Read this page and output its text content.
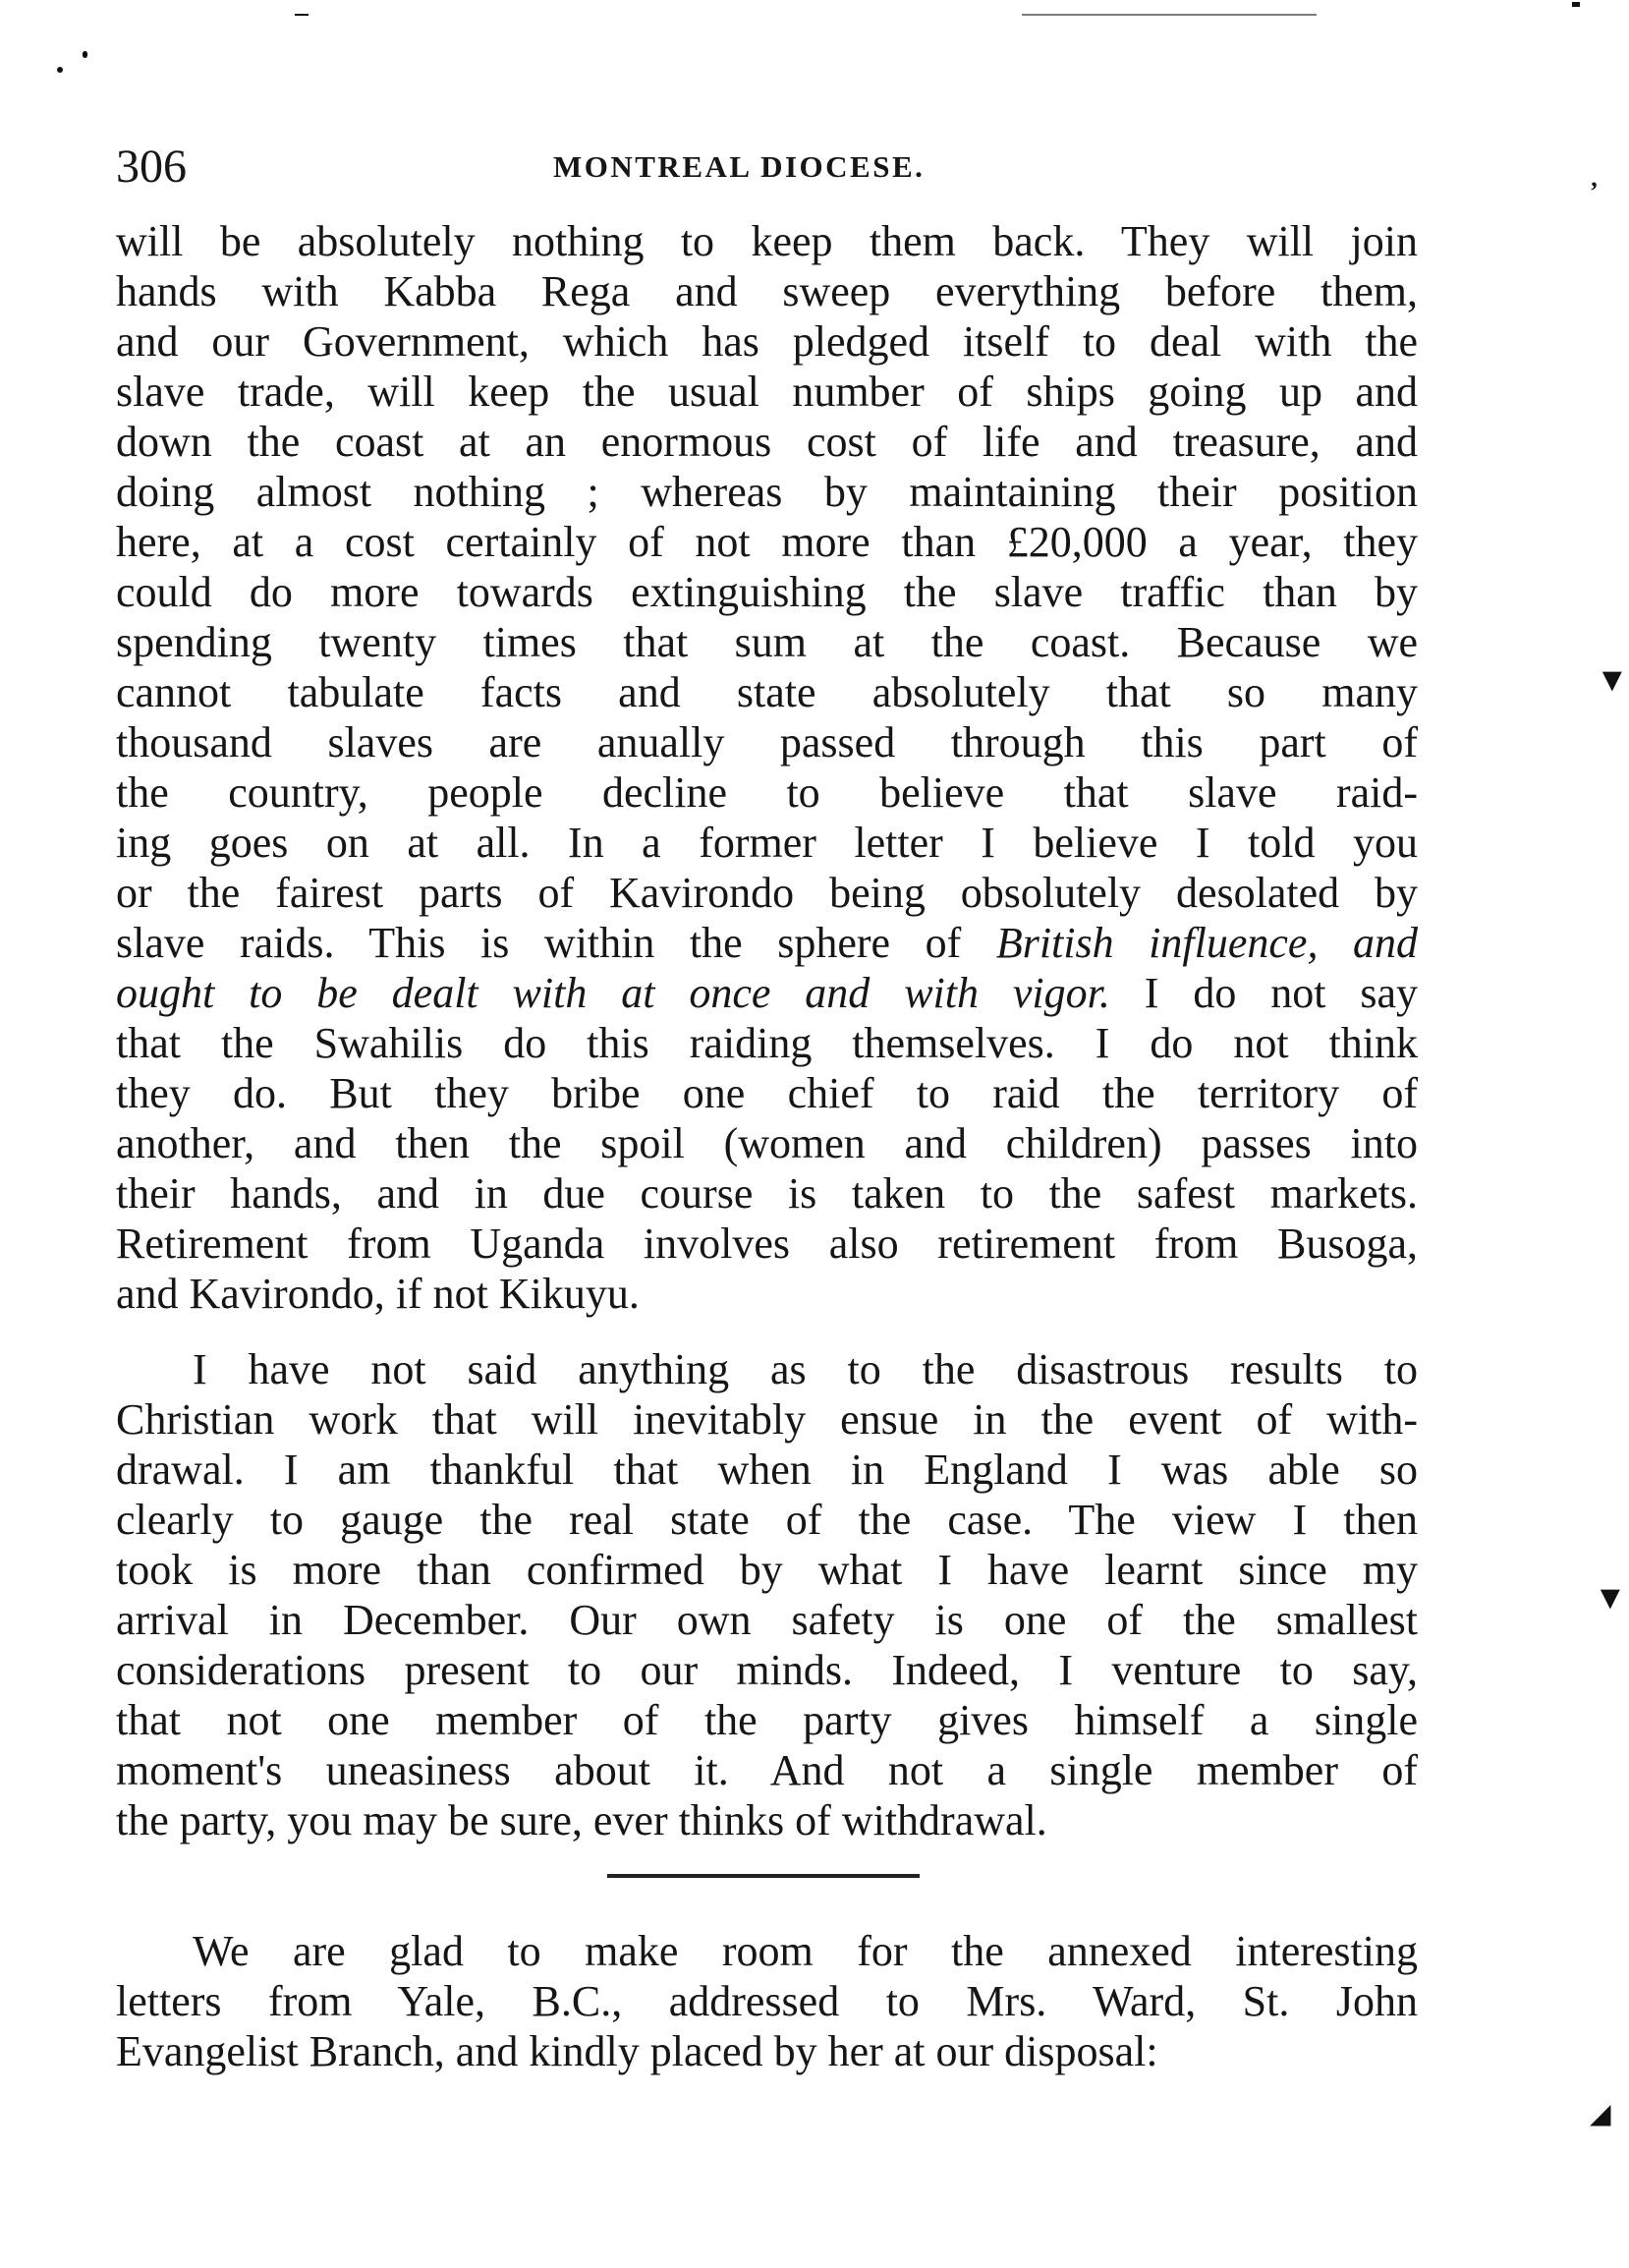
306	MONTREAL DIOCESE.
will be absolutely nothing to keep them back. They will join
hands with Kabba Rega and sweep everything before them,
and our Government, which has pledged itself to deal with the
slave trade, will keep the usual number of ships going up and
down the coast at an enormous cost of life and treasure, and
doing almost nothing ; whereas by maintaining their position
here, at a cost certainly of not more than £20,000 a year, they
could do more towards extinguishing the slave traffic than by
spending twenty times that sum at the coast. Because we
cannot tabulate facts and state absolutely that so many
thousand slaves are anually passed through this part of
the country, people decline to believe that slave raid-
ing goes on at all. In a former letter I believe I told you
or the fairest parts of Kavirondo being obsolutely desolated by
slave raids. This is within the sphere of British influence, and
ought to be dealt with at once and with vigor. I do not say
that the Swahilis do this raiding themselves. I do not think
they do. But they bribe one chief to raid the territory of
another, and then the spoil (women and children) passes into
their hands, and in due course is taken to the safest markets.
Retirement from Uganda involves also retirement from Busoga,
and Kavirondo, if not Kikuyu.
I have not said anything as to the disastrous results to
Christian work that will inevitably ensue in the event of with-
drawal. I am thankful that when in England I was able so
clearly to gauge the real state of the case. The view I then
took is more than confirmed by what I have learnt since my
arrival in December. Our own safety is one of the smallest
considerations present to our minds. Indeed, I venture to say,
that not one member of the party gives himself a single
moment's uneasiness about it. And not a single member of
the party, you may be sure, ever thinks of withdrawal.
We are glad to make room for the annexed interesting
letters from Yale, B.C., addressed to Mrs. Ward, St. John
Evangelist Branch, and kindly placed by her at our disposal:
’
▼
▼
◢
